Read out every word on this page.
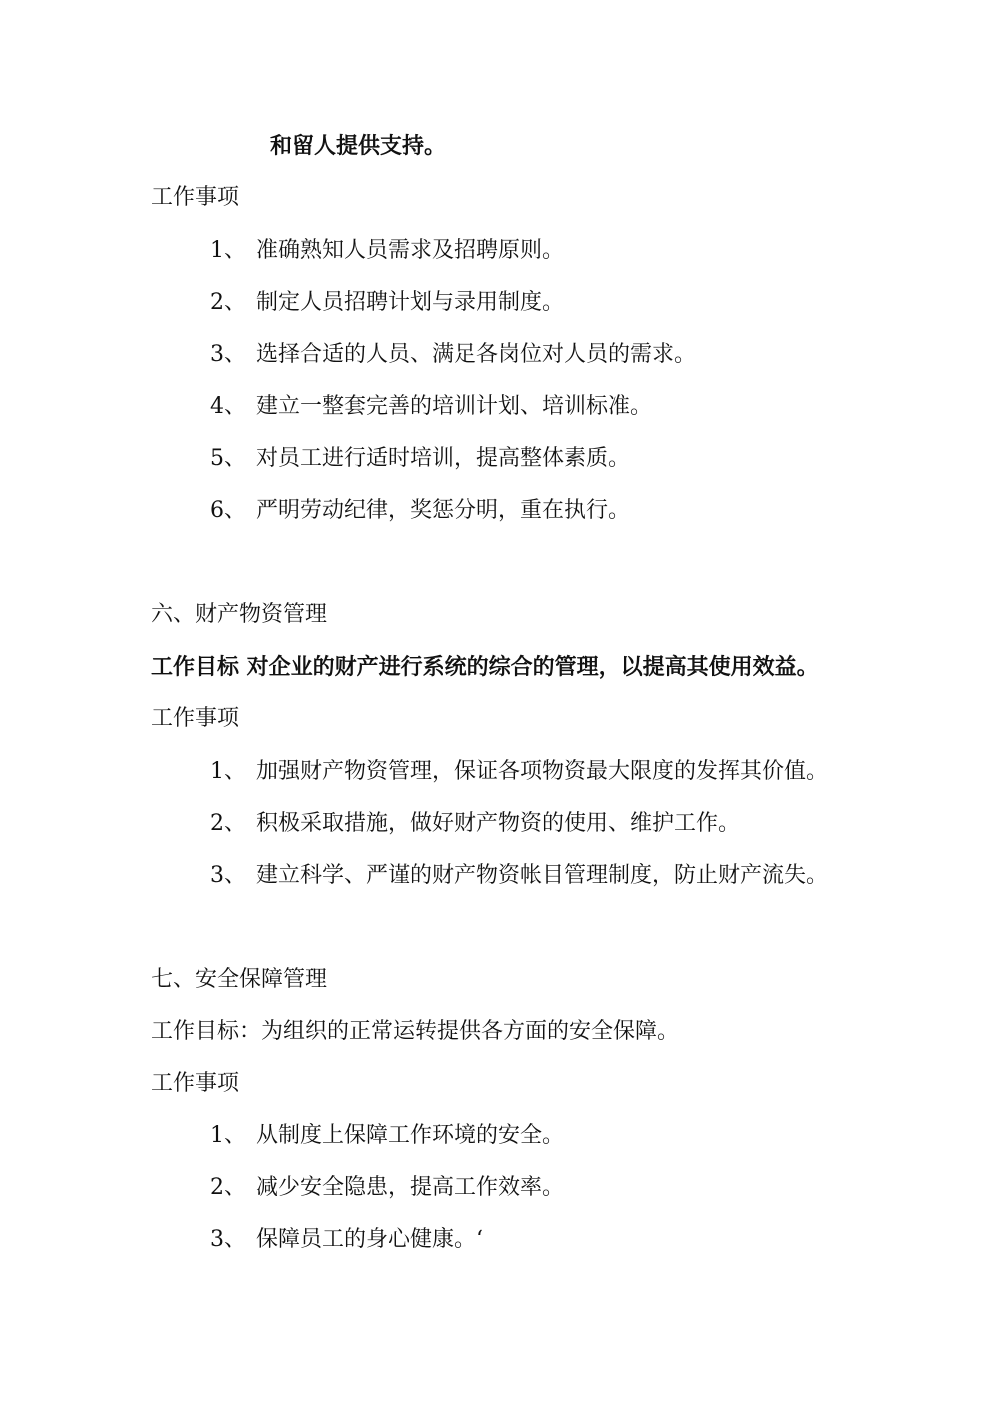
和留人提供支持。
工作事项
1、 准确熟知人员需求及招聘原则。
2、 制定人员招聘计划与录用制度。
3、 选择合适的人员、满足各岗位对人员的需求。
4、 建立一整套完善的培训计划、培训标准。
5、 对员工进行适时培训，提高整体素质。
6、 严明劳动纪律，奖惩分明，重在执行。
六、财产物资管理
工作目标 对企业的财产进行系统的综合的管理，以提高其使用效益。
工作事项
1、 加强财产物资管理，保证各项物资最大限度的发挥其价值。
2、 积极采取措施，做好财产物资的使用、维护工作。
3、 建立科学、严谨的财产物资帐目管理制度，防止财产流失。
七、安全保障管理
工作目标：为组织的正常运转提供各方面的安全保障。
工作事项
1、 从制度上保障工作环境的安全。
2、 减少安全隐患，提高工作效率。
3、 保障员工的身心健康。‘
